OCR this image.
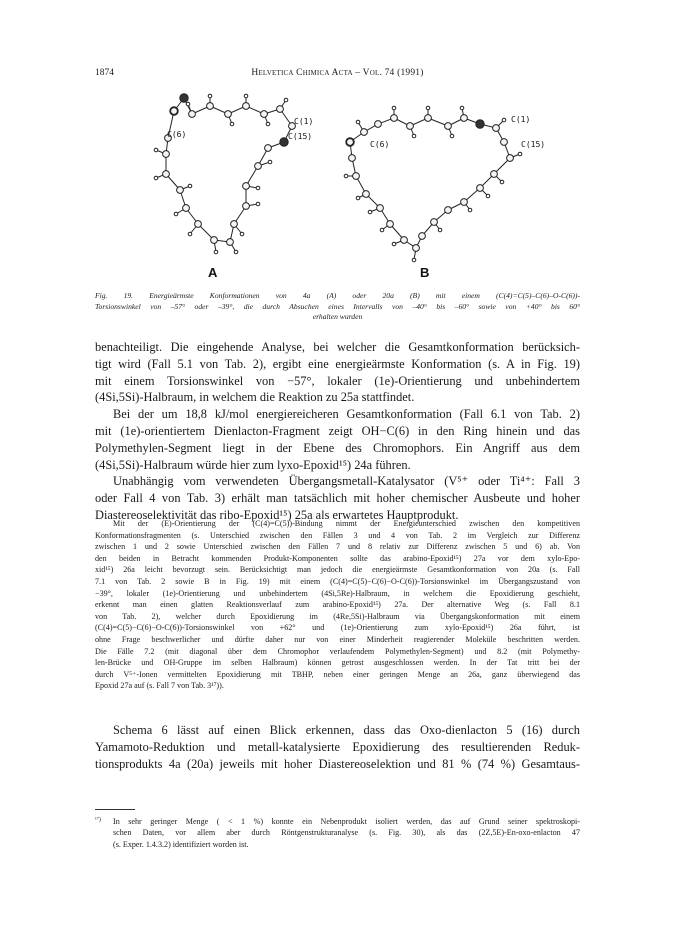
1874	Helvetica Chimica Acta – Vol. 74 (1991)
C(1)
C(15)
C(6)
C(1)
C(15)
C(6)
A	B
Fig. 19. Energieärmste Konformationen von 4a (A) oder 20a (B) mit einem (C(4)=C(5)–C(6)–O-C(6))-
Torsionswinkel von –57° oder –39°, die durch Absuchen eines Intervalls von –40° bis –60° sowie von +40° bis 60°
erhalten wurden

benachteiligt. Die eingehende Analyse, bei welcher die Gesamtkonformation berücksich-

tigt wird (Fall 5.1 von Tab. 2), ergibt eine energieärmste Konformation (s. A in Fig. 19)

mit einem Torsionswinkel von −57°, lokaler (1e)-Orientierung und unbehindertem

(4Si,5Si)-Halbraum, in welchem die Reaktion zu 25a stattfindet.

Bei der um 18,8 kJ/mol energiereicheren Gesamtkonformation (Fall 6.1 von Tab. 2)

mit (1e)-orientiertem Dienlacton-Fragment zeigt OH−C(6) in den Ring hinein und das

Polymethylen-Segment liegt in der Ebene des Chromophors. Ein Angriff aus dem

(4Si,5Si)-Halbraum würde hier zum lyxo-Epoxid¹⁵) 24a führen.

Unabhängig vom verwendeten Übergangsmetall-Katalysator (V⁵⁺ oder Ti⁴⁺: Fall 3

oder Fall 4 von Tab. 3) erhält man tatsächlich mit hoher chemischer Ausbeute und hoher

Diastereoselektivität das ribo-Epoxid¹⁵) 25a als erwartetes Hauptprodukt.

Mit der (E)-Orientierung der (C(4)=C(5))-Bindung nimmt der Energieunterschied zwischen den kompetitiven

Konformationsfragmenten (s. Unterschied zwischen den Fällen 3 und 4 von Tab. 2 im Vergleich zur Differenz

zwischen 1 und 2 sowie Unterschied zwischen den Fällen 7 und 8 relativ zur Differenz zwischen 5 und 6) ab. Von

den beiden in Betracht kommenden Produkt-Komponenten sollte das arabino-Epoxid¹⁵) 27a vor dem xylo-Epo-

xid¹⁵) 26a leicht bevorzugt sein. Berücksichtigt man jedoch die energieärmste Gesamtkonformation von 20a (s. Fall

7.1 von Tab. 2 sowie B in Fig. 19) mit einem (C(4)=C(5)−C(6)−O-C(6))-Torsionswinkel im Übergangszustand von

−39°, lokaler (1e)-Orientierung und unbehindertem (4Si,5Re)-Halbraum, in welchem die Epoxidierung geschieht,

erkennt man einen glatten Reaktionsverlauf zum arabino-Epoxid¹⁵) 27a. Der alternative Weg (s. Fall 8.1

von Tab. 2), welcher durch Epoxidierung im (4Re,5Si)-Halbraum via Übergangskonformation mit einem

(C(4)=C(5)−C(6)−O-C(6))-Torsionswinkel von +62° und (1e)-Orientierung zum xylo-Epoxid¹⁵) 26a führt, ist

ohne Frage beschwerlicher und dürfte daher nur von einer Minderheit reagierender Moleküle beschritten werden.

Die Fälle 7.2 (mit diagonal über dem Chromophor verlaufendem Polymethylen-Segment) und 8.2 (mit Polymethy-

len-Brücke und OH-Gruppe im selben Halbraum) können getrost ausgeschlossen werden. In der Tat tritt bei der

durch V⁵⁺-Ionen vermittelten Epoxidierung mit TBHP, neben einer geringen Menge an 26a, ganz überwiegend das

Epoxid 27a auf (s. Fall 7 von Tab. 3¹⁷)).

Schema 6 lässt auf einen Blick erkennen, dass das Oxo-dienlacton 5 (16) durch

Yamamoto-Reduktion und metall-katalysierte Epoxidierung des resultierenden Reduk-

tionsprodukts 4a (20a) jeweils mit hoher Diastereoselektion und 81 % (74 %) Gesamtaus-

¹⁷) In sehr geringer Menge ( < 1 %) konnte ein Nebenprodukt isoliert werden, das auf Grund seiner spektroskopi-

schen Daten, vor allem aber durch Röntgenstrukturanalyse (s. Fig. 30), als das (2Z,5E)-En-oxo-enlacton 47

(s. Exper. 1.4.3.2) identifiziert worden ist.
